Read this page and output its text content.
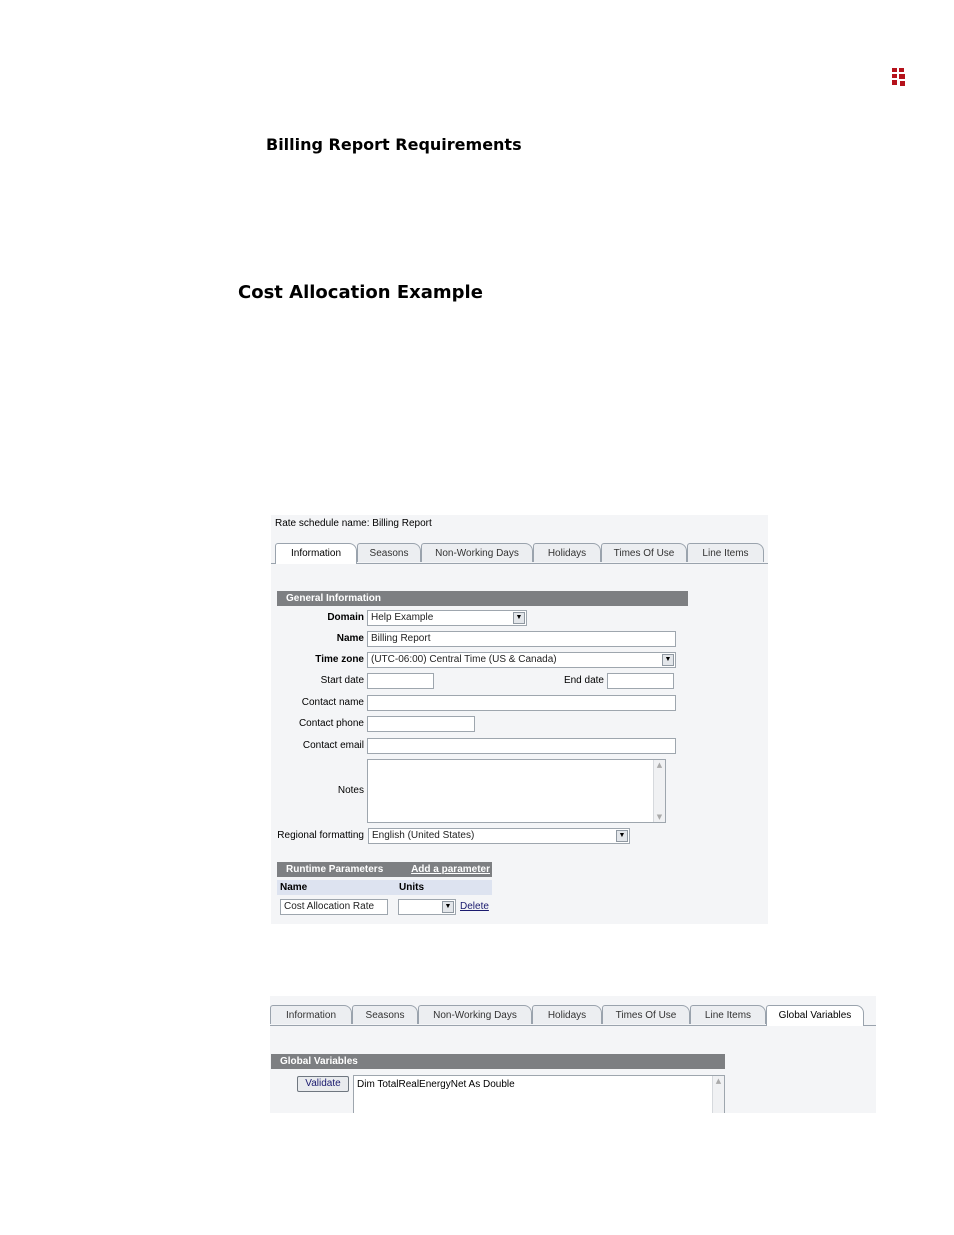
Billing Report Requirements
Cost Allocation Example
Rate schedule name: Billing Report
Information	Seasons	Non-Working Days	Holidays	Times Of Use	Line Items
General Information
Domain Help Example	▼
Name Billing Report
Time zone (UTC-06:00) Central Time (US & Canada)	▼
Start date	End date
Contact name
Contact phone
Contact email
Notes
▲
▼
Regional formatting English (United States)	▼
Runtime Parameters	Add a parameter
Name	Units
Cost Allocation Rate	▼ Delete
Information	Seasons	Non-Working Days	Holidays	Times Of Use	Line Items	Global Variables
Global Variables
Validate	Dim TotalRealEnergyNet As Double	▲
